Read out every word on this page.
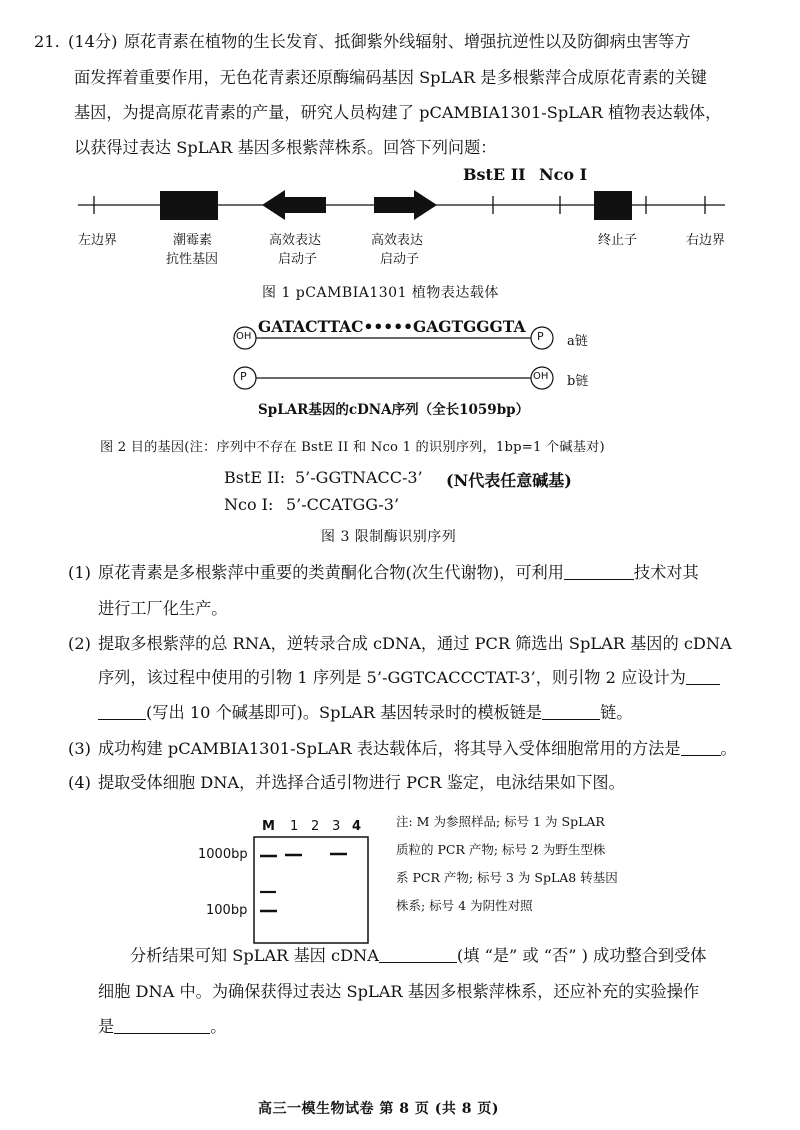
21. (14分) 原花青素在植物的生长发育、抵御紫外线辐射、增强抗逆性以及防御病虫害等方
面发挥着重要作用，无色花青素还原酶编码基因 SpLAR 是多根紫萍合成原花青素的关键
基因，为提高原花青素的产量，研究人员构建了 pCAMBIA1301-SpLAR 植物表达载体，
以获得过表达 SpLAR 基因多根紫萍株系。回答下列问题：
BstE II Nco I
左边界	潮霉素
抗性基因
高效表达
启动子
高效表达
启动子
终止子	右边界
图 1 pCAMBIA1301 植物表达载体
OH	P
P	OH
GATACTTAC•••••GAGTGGGTA
a链
b链
SpLAR基因的cDNA序列（全长1059bp）
图 2 目的基因(注：序列中不存在 BstE II 和 Nco 1 的识别序列，1bp=1 个碱基对)
BstE II: 5’-GGTNACC-3’ (N代表任意碱基)
Nco I: 5’-CCATGG-3’
图 3 限制酶识别序列
(1) 原花青素是多根紫萍中重要的类黄酮化合物(次生代谢物)，可利用	技术对其
进行工厂化生产。
(2) 提取多根紫萍的总 RNA，逆转录合成 cDNA，通过 PCR 筛选出 SpLAR 基因的 cDNA
序列，该过程中使用的引物 1 序列是 5’-GGTCACCCTAT-3’，则引物 2 应设计为
(写出 10 个碱基即可)。SpLAR 基因转录时的模板链是	链。
(3) 成功构建 pCAMBIA1301-SpLAR 表达载体后，将其导入受体细胞常用的方法是 。
(4) 提取受体细胞 DNA，并选择合适引物进行 PCR 鉴定，电泳结果如下图。
M 1 2 3 4
1000bp
100bp
注: M 为参照样品; 标号 1 为 SpLAR
质粒的 PCR 产物; 标号 2 为野生型株
系 PCR 产物; 标号 3 为 SpLA8 转基因
株系; 标号 4 为阴性对照
分析结果可知 SpLAR 基因 cDNA	(填 “是” 或 “否” ) 成功整合到受体
细胞 DNA 中。为确保获得过表达 SpLAR 基因多根紫萍株系，还应补充的实验操作
是	。
高三一模生物试卷 第 8 页 (共 8 页)
